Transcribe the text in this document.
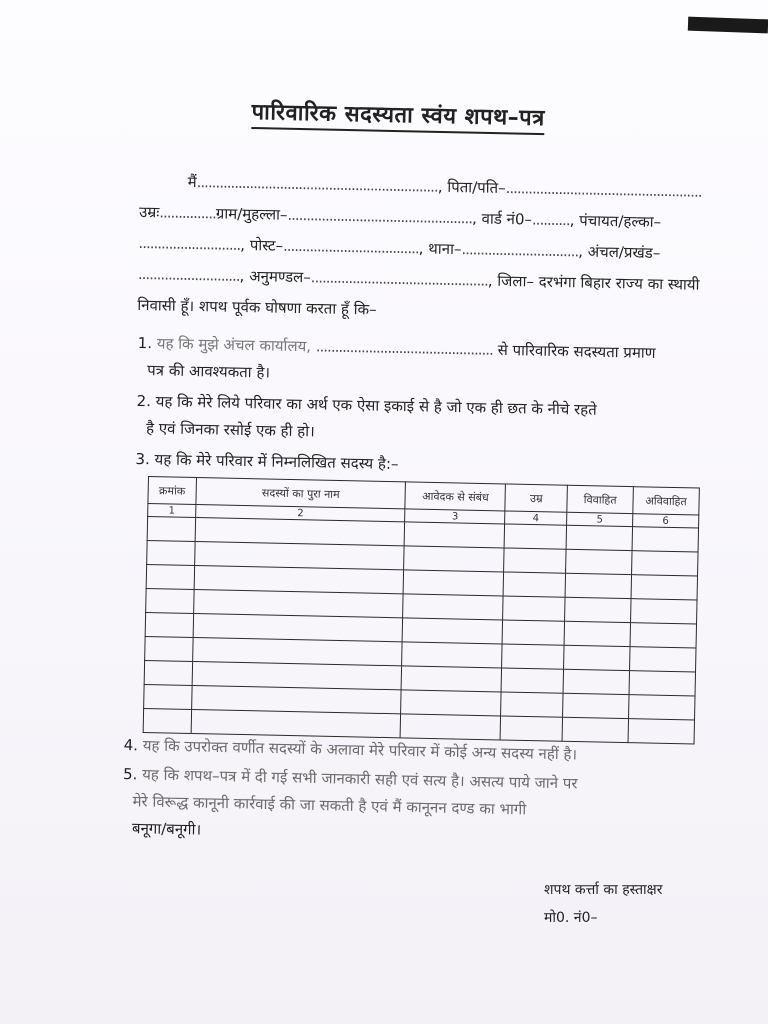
पारिवारिक सदस्यता स्वंय शपथ–पत्र
मैं................................................................, पिता/पति–....................................................
उम्रः...............ग्राम/मुहल्ला–................................................., वार्ड नं0–.........., पंचायत/हल्का–
..........................., पोस्ट–...................................., थाना–..............................., अंचल/प्रखंड–
..........................., अनुमण्डल–..............................................., जिला– दरभंगा बिहार राज्य का स्थायी
निवासी हूँ। शपथ पूर्वक घोषणा करता हूँ कि–
1. यह कि मुझे अंचल कार्यालय, ............................................... से पारिवारिक सदस्यता प्रमाण
पत्र की आवश्यकता है।
2. यह कि मेरे लिये परिवार का अर्थ एक ऐसा इकाई से है जो एक ही छत के नीचे रहते
है एवं जिनका रसोई एक ही हो।
3. यह कि मेरे परिवार में निम्नलिखित सदस्य है:–
क्रमांक	सदस्यों का पुरा नाम	आवेदक से संबंध	उम्र	विवाहित	अविवाहित
1	2	3	4	5	6

4. यह कि उपरोक्त वर्णीत सदस्यों के अलावा मेरे परिवार में कोई अन्य सदस्य नहीं है।
5. यह कि शपथ–पत्र में दी गई सभी जानकारी सही एवं सत्य है। असत्य पाये जाने पर
मेरे विरूद्ध कानूनी कार्रवाई की जा सकती है एवं मैं कानूनन दण्ड का भागी
बनूगा/बनूगी।
शपथ कर्त्ता का हस्ताक्षर
मो0. नं0–
